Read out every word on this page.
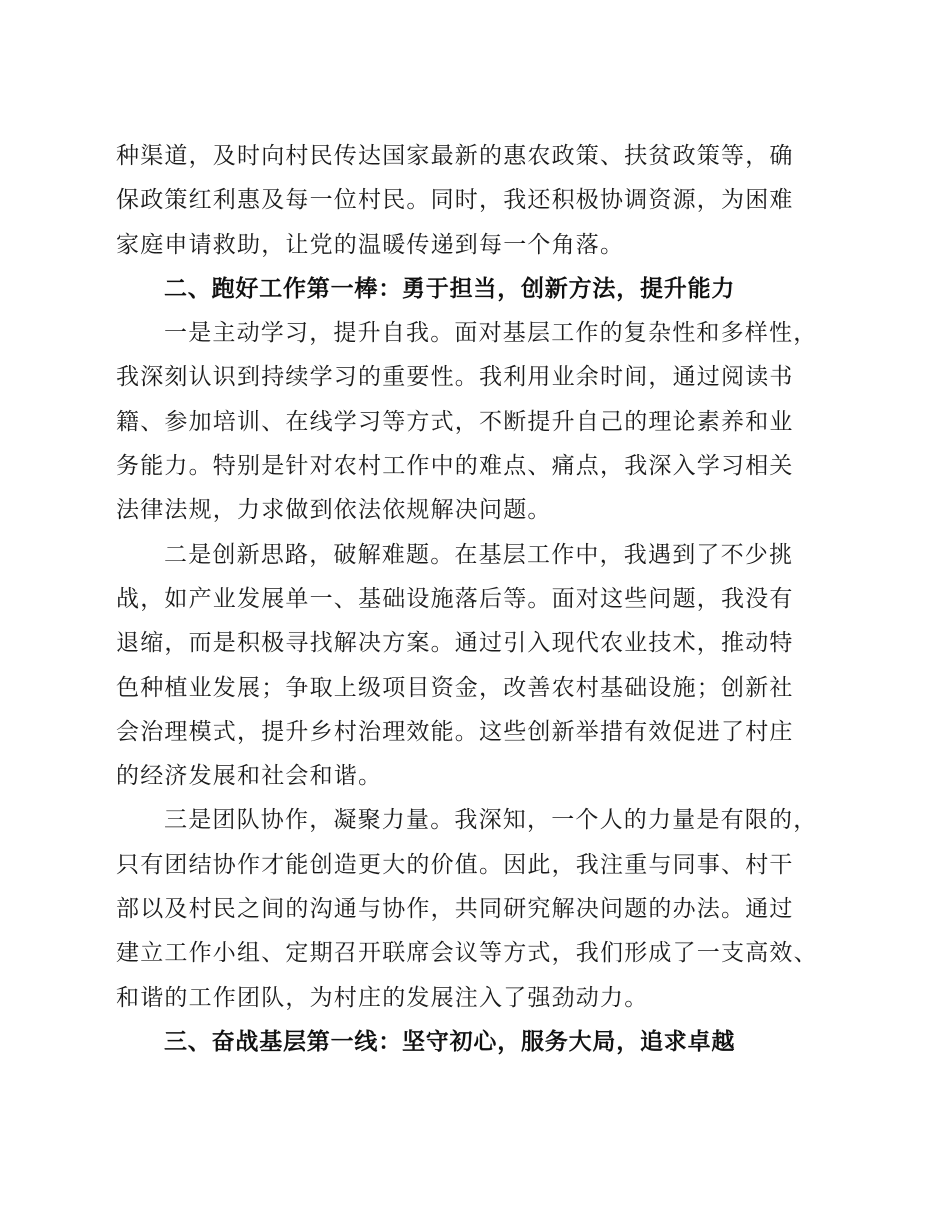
种渠道，及时向村民传达国家最新的惠农政策、扶贫政策等，确
保政策红利惠及每一位村民。同时，我还积极协调资源，为困难
家庭申请救助，让党的温暖传递到每一个角落。
二、跑好工作第一棒：勇于担当，创新方法，提升能力
一是主动学习，提升自我。面对基层工作的复杂性和多样性，
我深刻认识到持续学习的重要性。我利用业余时间，通过阅读书
籍、参加培训、在线学习等方式，不断提升自己的理论素养和业
务能力。特别是针对农村工作中的难点、痛点，我深入学习相关
法律法规，力求做到依法依规解决问题。
二是创新思路，破解难题。在基层工作中，我遇到了不少挑
战，如产业发展单一、基础设施落后等。面对这些问题，我没有
退缩，而是积极寻找解决方案。通过引入现代农业技术，推动特
色种植业发展；争取上级项目资金，改善农村基础设施；创新社
会治理模式，提升乡村治理效能。这些创新举措有效促进了村庄
的经济发展和社会和谐。
三是团队协作，凝聚力量。我深知，一个人的力量是有限的，
只有团结协作才能创造更大的价值。因此，我注重与同事、村干
部以及村民之间的沟通与协作，共同研究解决问题的办法。通过
建立工作小组、定期召开联席会议等方式，我们形成了一支高效、
和谐的工作团队，为村庄的发展注入了强劲动力。
三、奋战基层第一线：坚守初心，服务大局，追求卓越
